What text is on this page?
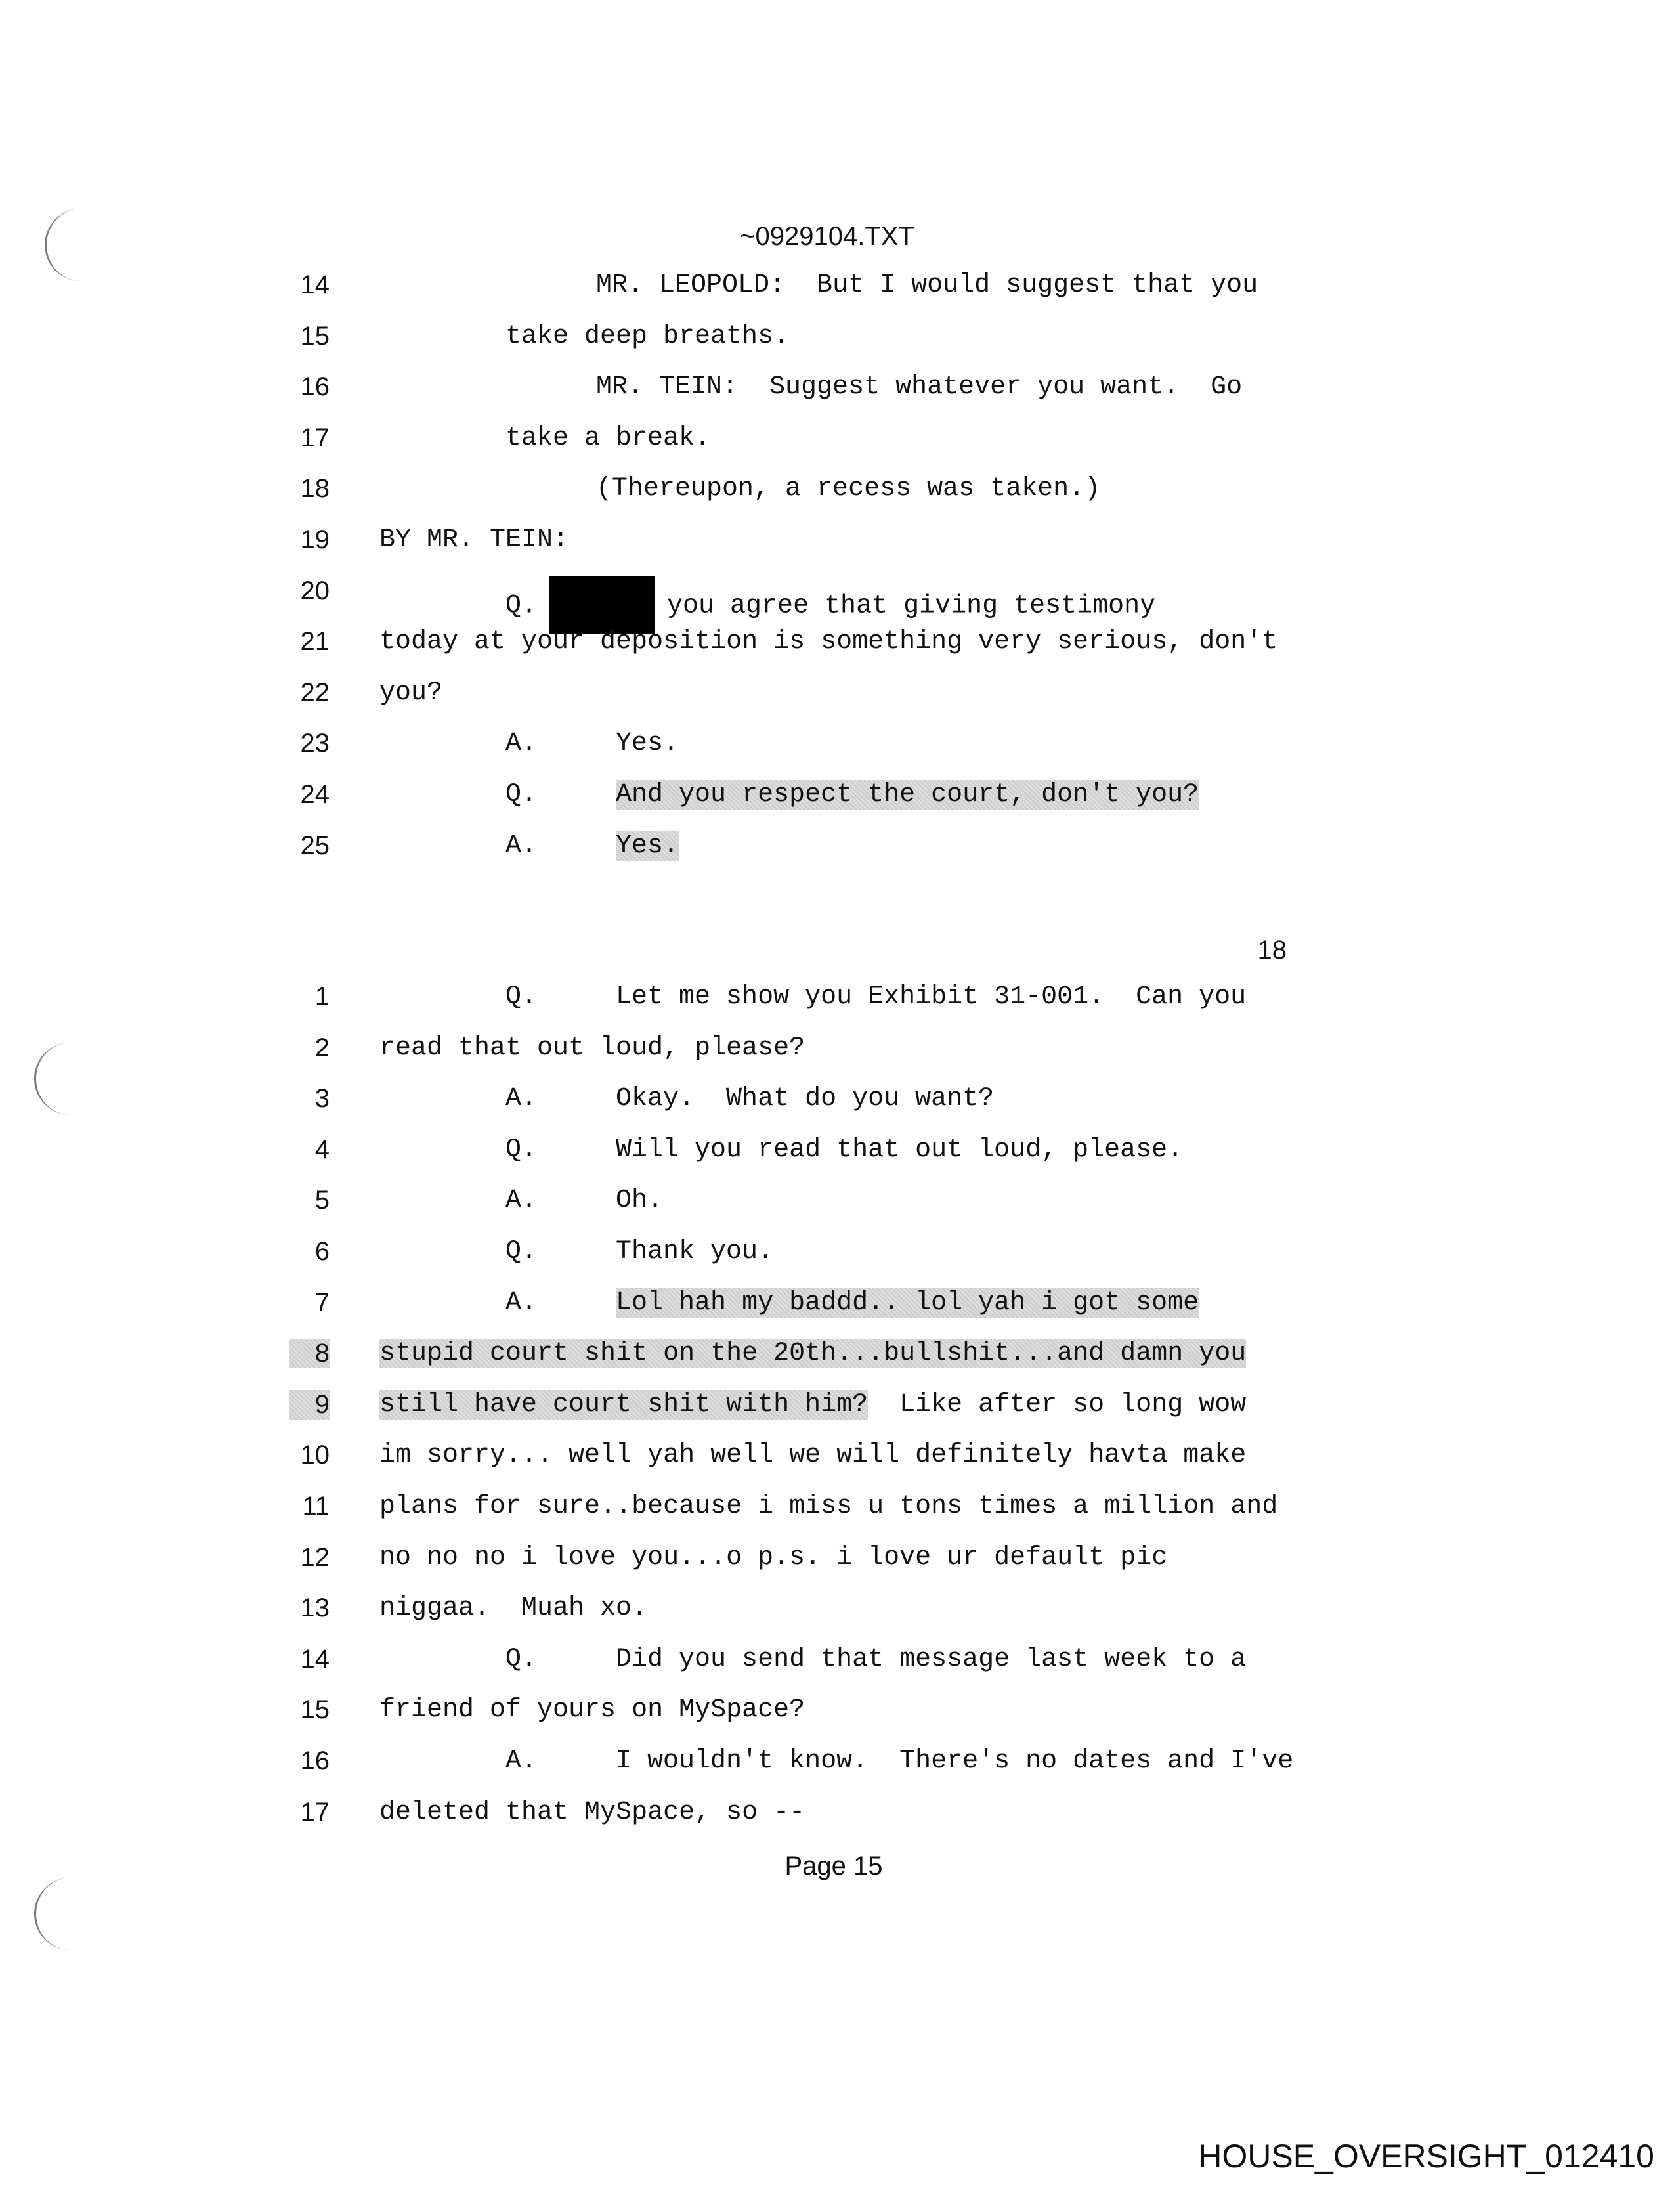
~0929104.TXT
14	MR. LEOPOLD:  But I would suggest that you
15	take deep breaths.
16	MR. TEIN:  Suggest whatever you want.  Go
17	take a break.
18	(Thereupon, a recess was taken.)
19 BY MR. TEIN:
20
Q.	you agree that giving testimony
21 today at your deposition is something very serious, don't
22 you?
23	A.     Yes.
24	Q.     And you respect the court, don't you?
25	A.     Yes.
18
1	Q.     Let me show you Exhibit 31-001.  Can you
2 read that out loud, please?
3	A.     Okay.  What do you want?
4	Q.     Will you read that out loud, please.
5	A.     Oh.
6	Q.     Thank you.
7	A.     Lol hah my baddd.. lol yah i got some
8 stupid court shit on the 20th...bullshit...and damn you
9 still have court shit with him?  Like after so long wow
10 im sorry... well yah well we will definitely havta make
11 plans for sure..because i miss u tons times a million and
12 no no no i love you...o p.s. i love ur default pic
13 niggaa.  Muah xo.
14	Q.     Did you send that message last week to a
15 friend of yours on MySpace?
16	A.     I wouldn't know.  There's no dates and I've
17 deleted that MySpace, so --
Page 15
HOUSE_OVERSIGHT_012410
